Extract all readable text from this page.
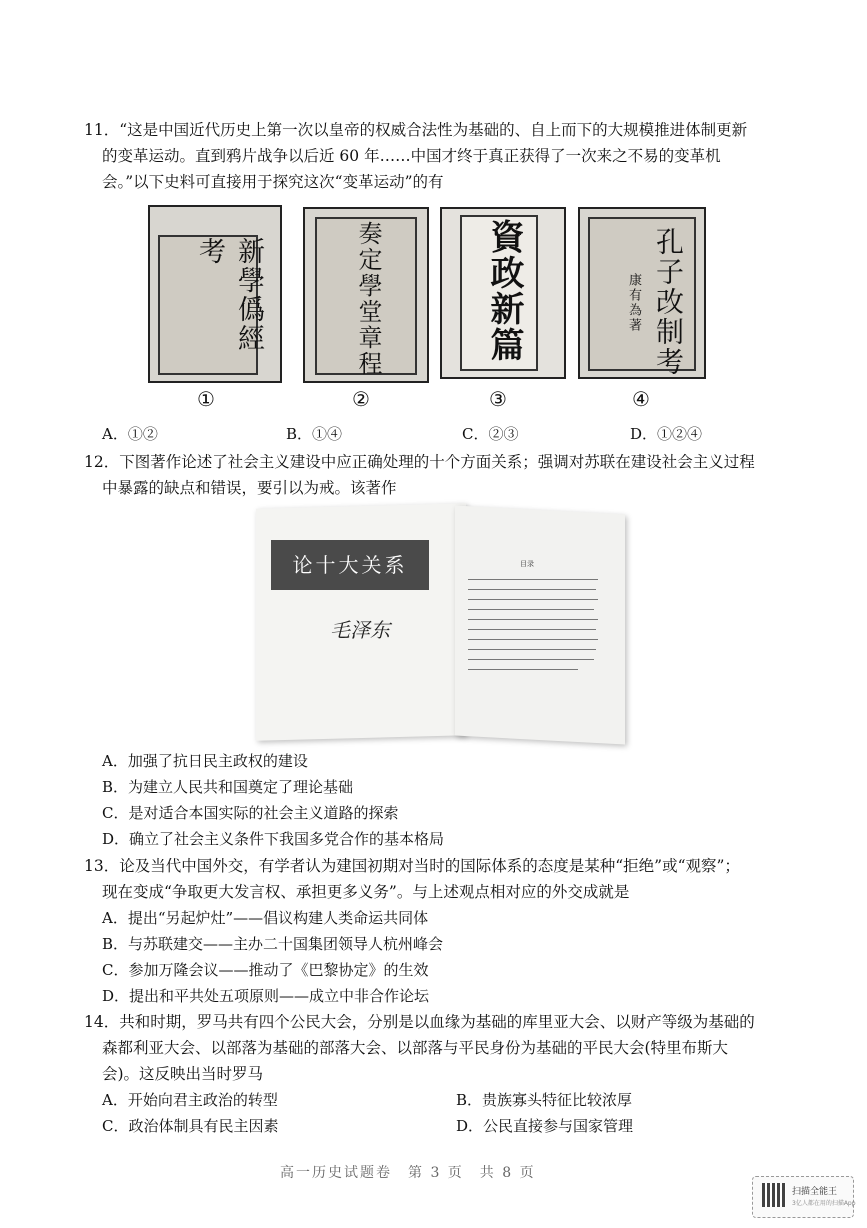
11．“这是中国近代历史上第一次以皇帝的权威合法性为基础的、自上而下的大规模推进体制更新
的变革运动。直到鸦片战争以后近 60 年……中国才终于真正获得了一次来之不易的变革机
会。”以下史料可直接用于探究这次“变革运动”的有
新學僞經考	奏定學堂章程	資政新篇	孔子改制考
康有為著
①	②	③	④
A．①②	B．①④	C．②③	D．①②④
12．下图著作论述了社会主义建设中应正确处理的十个方面关系；强调对苏联在建设社会主义过程
中暴露的缺点和错误，要引以为戒。该著作
论十大关系
毛泽东
目录
A．加强了抗日民主政权的建设
B．为建立人民共和国奠定了理论基础
C．是对适合本国实际的社会主义道路的探索
D．确立了社会主义条件下我国多党合作的基本格局
13．论及当代中国外交，有学者认为建国初期对当时的国际体系的态度是某种“拒绝”或“观察”；
现在变成“争取更大发言权、承担更多义务”。与上述观点相对应的外交成就是
A．提出“另起炉灶”——倡议构建人类命运共同体
B．与苏联建交——主办二十国集团领导人杭州峰会
C．参加万隆会议——推动了《巴黎协定》的生效
D．提出和平共处五项原则——成立中非合作论坛
14．共和时期，罗马共有四个公民大会，分别是以血缘为基础的库里亚大会、以财产等级为基础的
森都利亚大会、以部落为基础的部落大会、以部落与平民身份为基础的平民大会(特里布斯大
会)。这反映出当时罗马
A．开始向君主政治的转型	B．贵族寡头特征比较浓厚
C．政治体制具有民主因素	D．公民直接参与国家管理
高一历史试题卷　第 3 页　共 8 页
扫描全能王
3亿人都在用的扫描App
